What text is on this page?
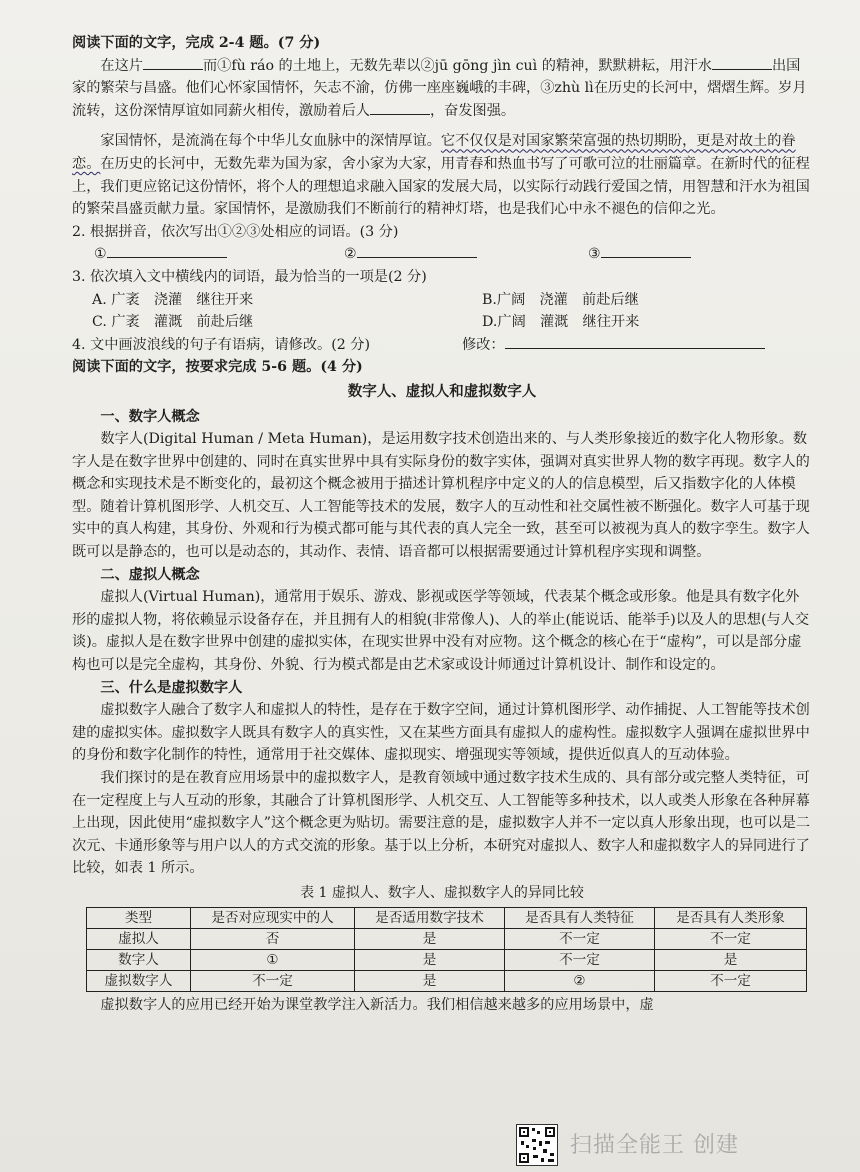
阅读下面的文字，完成 2-4 题。(7 分)

在这片	而①fù ráo 的土地上，无数先辈以②jū gōng jìn cuì 的精神，默默耕耘，用汗水	出国家的繁荣与昌盛。他们心怀家国情怀，矢志不渝，仿佛一座座巍峨的丰碑，③zhù lì在历史的长河中，熠熠生辉。岁月流转，这份深情厚谊如同薪火相传，激励着后人	，奋发图强。

家国情怀，是流淌在每个中华儿女血脉中的深情厚谊。它不仅仅是对国家繁荣富强的热切期盼，更是对故土的眷恋。在历史的长河中，无数先辈为国为家，舍小家为大家，用青春和热血书写了可歌可泣的壮丽篇章。在新时代的征程上，我们更应铭记这份情怀，将个人的理想追求融入国家的发展大局，以实际行动践行爱国之情，用智慧和汗水为祖国的繁荣昌盛贡献力量。家国情怀，是激励我们不断前行的精神灯塔，也是我们心中永不褪色的信仰之光。

2. 根据拼音，依次写出①②③处相应的词语。(3 分)

①	②	③

3. 依次填入文中横线内的词语，最为恰当的一项是(2 分)

A. 广袤　浇灌　继往开来	B.广阔　浇灌　前赴后继
C. 广袤　灌溉　前赴后继	D.广阔　灌溉　继往开来
4. 文中画波浪线的句子有语病，请修改。(2 分)	修改：

阅读下面的文字，按要求完成 5-6 题。(4 分)

数字人、虚拟人和虚拟数字人

一、数字人概念

数字人(Digital Human / Meta Human)，是运用数字技术创造出来的、与人类形象接近的数字化人物形象。数字人是在数字世界中创建的、同时在真实世界中具有实际身份的数字实体，强调对真实世界人物的数字再现。数字人的概念和实现技术是不断变化的，最初这个概念被用于描述计算机程序中定义的人的信息模型，后又指数字化的人体模型。随着计算机图形学、人机交互、人工智能等技术的发展，数字人的互动性和社交属性被不断强化。数字人可基于现实中的真人构建，其身份、外观和行为模式都可能与其代表的真人完全一致，甚至可以被视为真人的数字孪生。数字人既可以是静态的，也可以是动态的，其动作、表情、语音都可以根据需要通过计算机程序实现和调整。

二、虚拟人概念

虚拟人(Virtual Human)，通常用于娱乐、游戏、影视或医学等领域，代表某个概念或形象。他是具有数字化外形的虚拟人物，将依赖显示设备存在，并且拥有人的相貌(非常像人)、人的举止(能说话、能举手)以及人的思想(与人交谈)。虚拟人是在数字世界中创建的虚拟实体，在现实世界中没有对应物。这个概念的核心在于“虚构”，可以是部分虚构也可以是完全虚构，其身份、外貌、行为模式都是由艺术家或设计师通过计算机设计、制作和设定的。

三、什么是虚拟数字人

虚拟数字人融合了数字人和虚拟人的特性，是存在于数字空间，通过计算机图形学、动作捕捉、人工智能等技术创建的虚拟实体。虚拟数字人既具有数字人的真实性，又在某些方面具有虚拟人的虚构性。虚拟数字人强调在虚拟世界中的身份和数字化制作的特性，通常用于社交媒体、虚拟现实、增强现实等领域，提供近似真人的互动体验。

我们探讨的是在教育应用场景中的虚拟数字人，是教育领域中通过数字技术生成的、具有部分或完整人类特征，可在一定程度上与人互动的形象，其融合了计算机图形学、人机交互、人工智能等多种技术，以人或类人形象在各种屏幕上出现，因此使用“虚拟数字人”这个概念更为贴切。需要注意的是，虚拟数字人并不一定以真人形象出现，也可以是二次元、卡通形象等与用户以人的方式交流的形象。基于以上分析，本研究对虚拟人、数字人和虚拟数字人的异同进行了比较，如表 1 所示。

表 1 虚拟人、数字人、虚拟数字人的异同比较

类型	是否对应现实中的人	是否适用数字技术	是否具有人类特征	是否具有人类形象
虚拟人	否	是	不一定	不一定
数字人	①	是	不一定	是
虚拟数字人	不一定	是	②	不一定

虚拟数字人的应用已经开始为课堂教学注入新活力。我们相信越来越多的应用场景中，虚

扫描全能王 创建
